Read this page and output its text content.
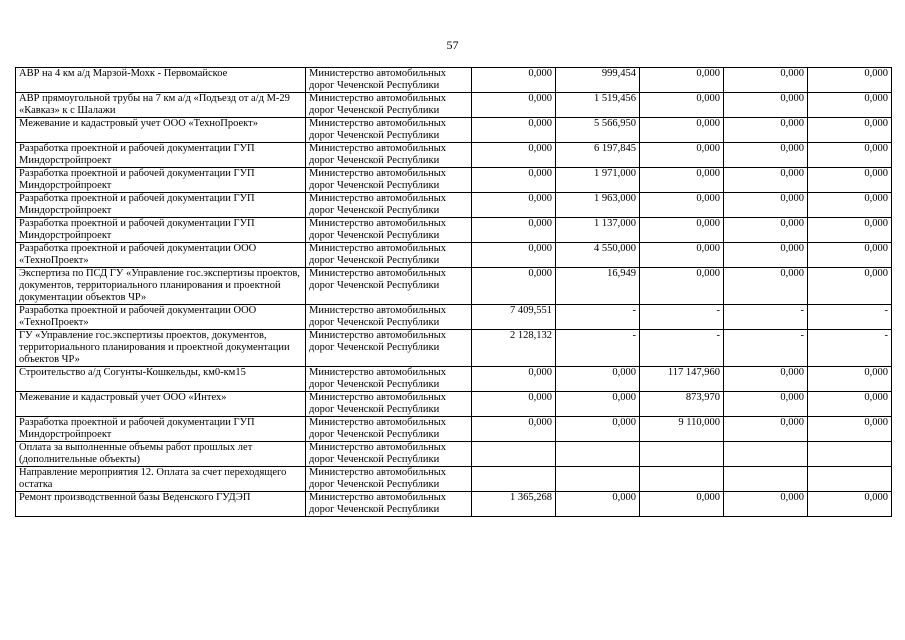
57
АВР на 4 км а/д Марзой-Мохк - Первомайское	Министерство автомобильных дорог Чеченской Республики	0,000	999,454	0,000	0,000	0,000
АВР прямоугольной трубы на 7 км а/д «Подъезд от а/д М-29 «Кавказ» к с Шалажи	Министерство автомобильных дорог Чеченской Республики	0,000	1 519,456	0,000	0,000	0,000
Межевание и кадастровый учет ООО «ТехноПроект»	Министерство автомобильных дорог Чеченской Республики	0,000	5 566,950	0,000	0,000	0,000
Разработка проектной и рабочей документации ГУП Миндорстройпроект	Министерство автомобильных дорог Чеченской Республики	0,000	6 197,845	0,000	0,000	0,000
Разработка проектной и рабочей документации ГУП Миндорстройпроект	Министерство автомобильных дорог Чеченской Республики	0,000	1 971,000	0,000	0,000	0,000
Разработка проектной и рабочей документации ГУП Миндорстройпроект	Министерство автомобильных дорог Чеченской Республики	0,000	1 963,000	0,000	0,000	0,000
Разработка проектной и рабочей документации ГУП Миндорстройпроект	Министерство автомобильных дорог Чеченской Республики	0,000	1 137,000	0,000	0,000	0,000
Разработка проектной и рабочей документации ООО «ТехноПроект»	Министерство автомобильных дорог Чеченской Республики	0,000	4 550,000	0,000	0,000	0,000
Экспертиза по ПСД ГУ «Управление гос.экспертизы проектов, документов, территориального планирования и проектной документации объектов ЧР»	Министерство автомобильных дорог Чеченской Республики	0,000	16,949	0,000	0,000	0,000
Разработка проектной и рабочей документации ООО «ТехноПроект»	Министерство автомобильных дорог Чеченской Республики	7 409,551	-	-	-	-
ГУ «Управление гос.экспертизы проектов, документов, территориального планирования и проектной документации объектов ЧР»	Министерство автомобильных дорог Чеченской Республики	2 128,132	-	-	-	-
Строительство а/д Согунты-Кошкельды, км0-км15	Министерство автомобильных дорог Чеченской Республики	0,000	0,000	117 147,960	0,000	0,000
Межевание и кадастровый учет ООО «Интех»	Министерство автомобильных дорог Чеченской Республики	0,000	0,000	873,970	0,000	0,000
Разработка проектной и рабочей документации ГУП Миндорстройпроект	Министерство автомобильных дорог Чеченской Республики	0,000	0,000	9 110,000	0,000	0,000
Оплата за выполненные объемы работ прошлых лет (дополнительные объекты)	Министерство автомобильных дорог Чеченской Республики					
Направление мероприятия 12. Оплата за счет переходящего остатка	Министерство автомобильных дорог Чеченской Республики					
Ремонт производственной базы Веденского ГУДЭП	Министерство автомобильных дорог Чеченской Республики	1 365,268	0,000	0,000	0,000	0,000
